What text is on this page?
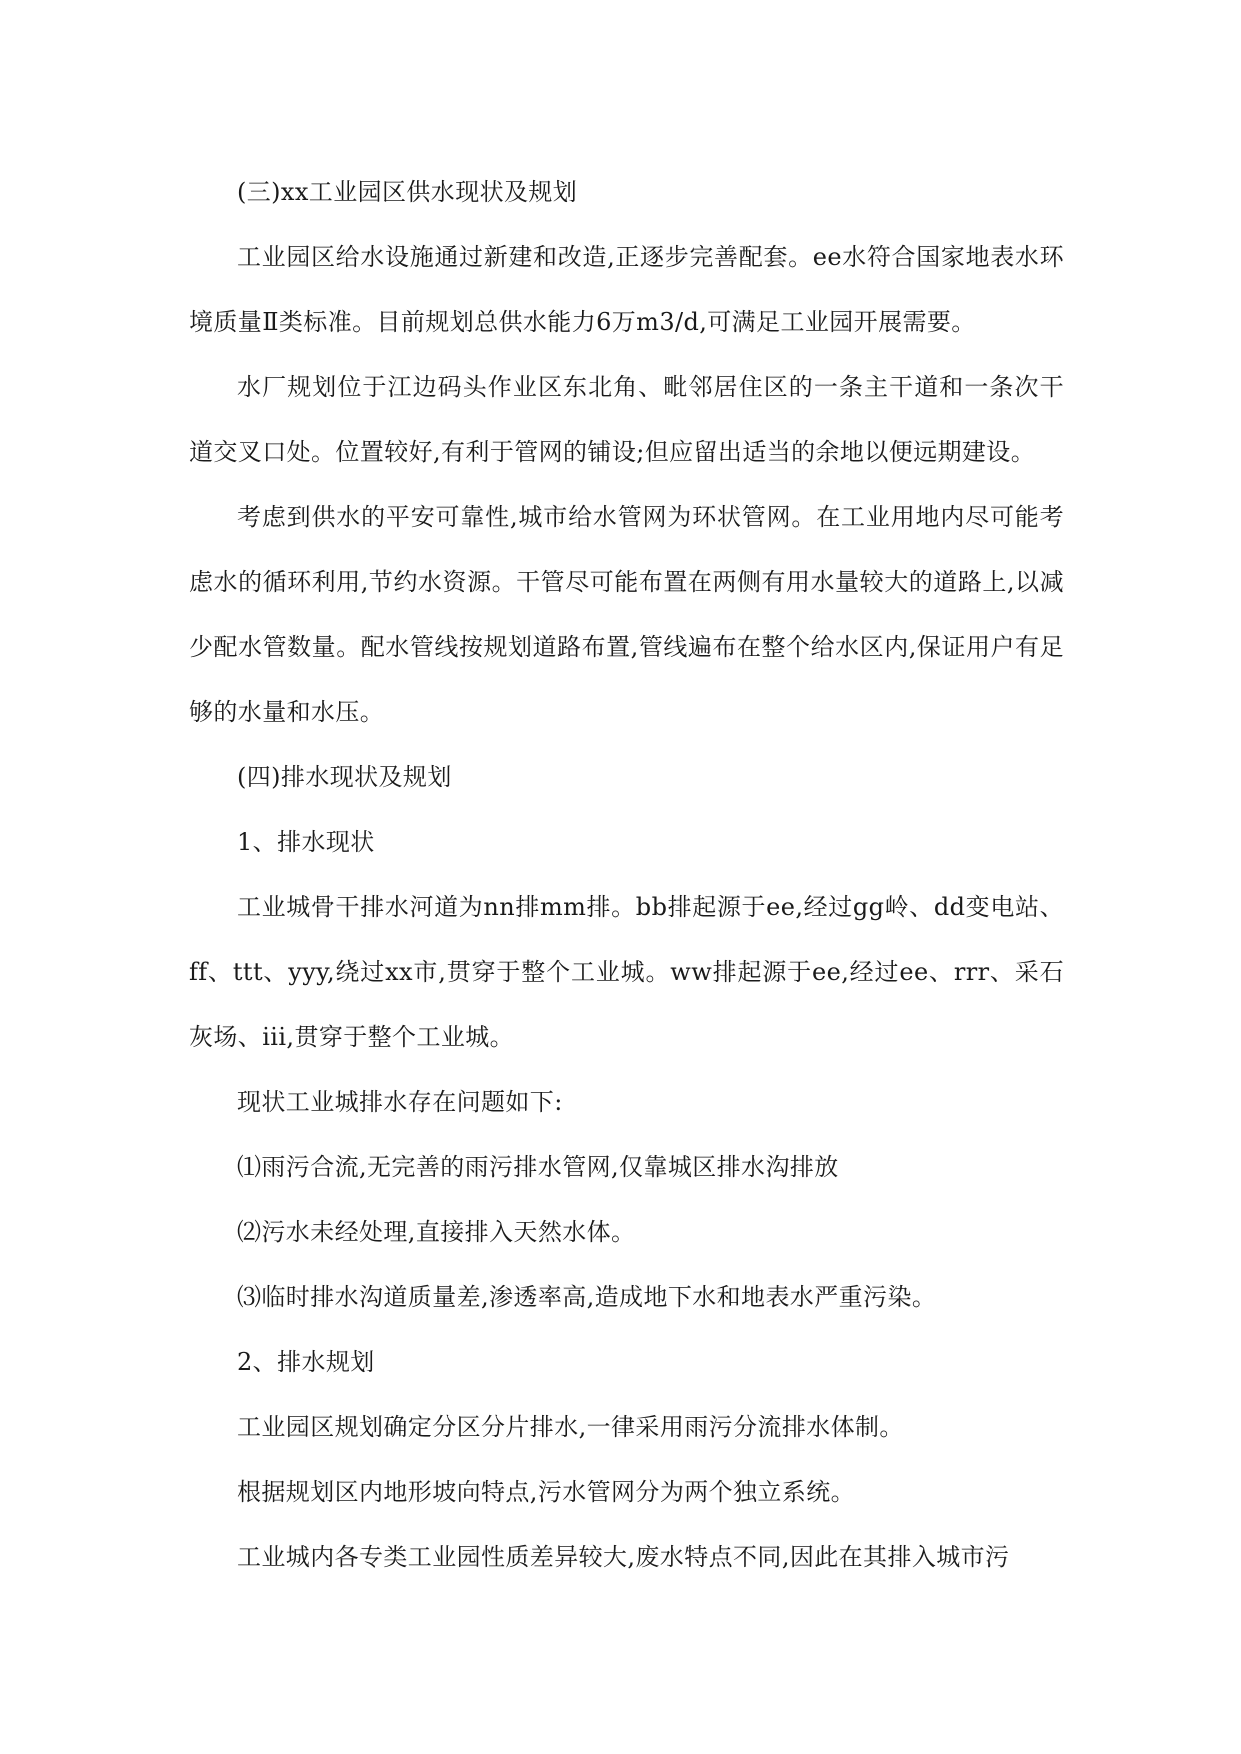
(三)xx工业园区供水现状及规划

工业园区给水设施通过新建和改造,正逐步完善配套。ee水符合国家地表水环境质量Ⅱ类标准。目前规划总供水能力6万m3/d,可满足工业园开展需要。

水厂规划位于江边码头作业区东北角、毗邻居住区的一条主干道和一条次干道交叉口处。位置较好,有利于管网的铺设;但应留出适当的余地以便远期建设。

考虑到供水的平安可靠性,城市给水管网为环状管网。在工业用地内尽可能考虑水的循环利用,节约水资源。干管尽可能布置在两侧有用水量较大的道路上,以减少配水管数量。配水管线按规划道路布置,管线遍布在整个给水区内,保证用户有足够的水量和水压。

(四)排水现状及规划

1、排水现状

工业城骨干排水河道为nn排mm排。bb排起源于ee,经过gg岭、dd变电站、ff、ttt、yyy,绕过xx市,贯穿于整个工业城。ww排起源于ee,经过ee、rrr、采石灰场、iii,贯穿于整个工业城。

现状工业城排水存在问题如下:

⑴雨污合流,无完善的雨污排水管网,仅靠城区排水沟排放

⑵污水未经处理,直接排入天然水体。

⑶临时排水沟道质量差,渗透率高,造成地下水和地表水严重污染。

2、排水规划

工业园区规划确定分区分片排水,一律采用雨污分流排水体制。

根据规划区内地形坡向特点,污水管网分为两个独立系统。

工业城内各专类工业园性质差异较大,废水特点不同,因此在其排入城市污
